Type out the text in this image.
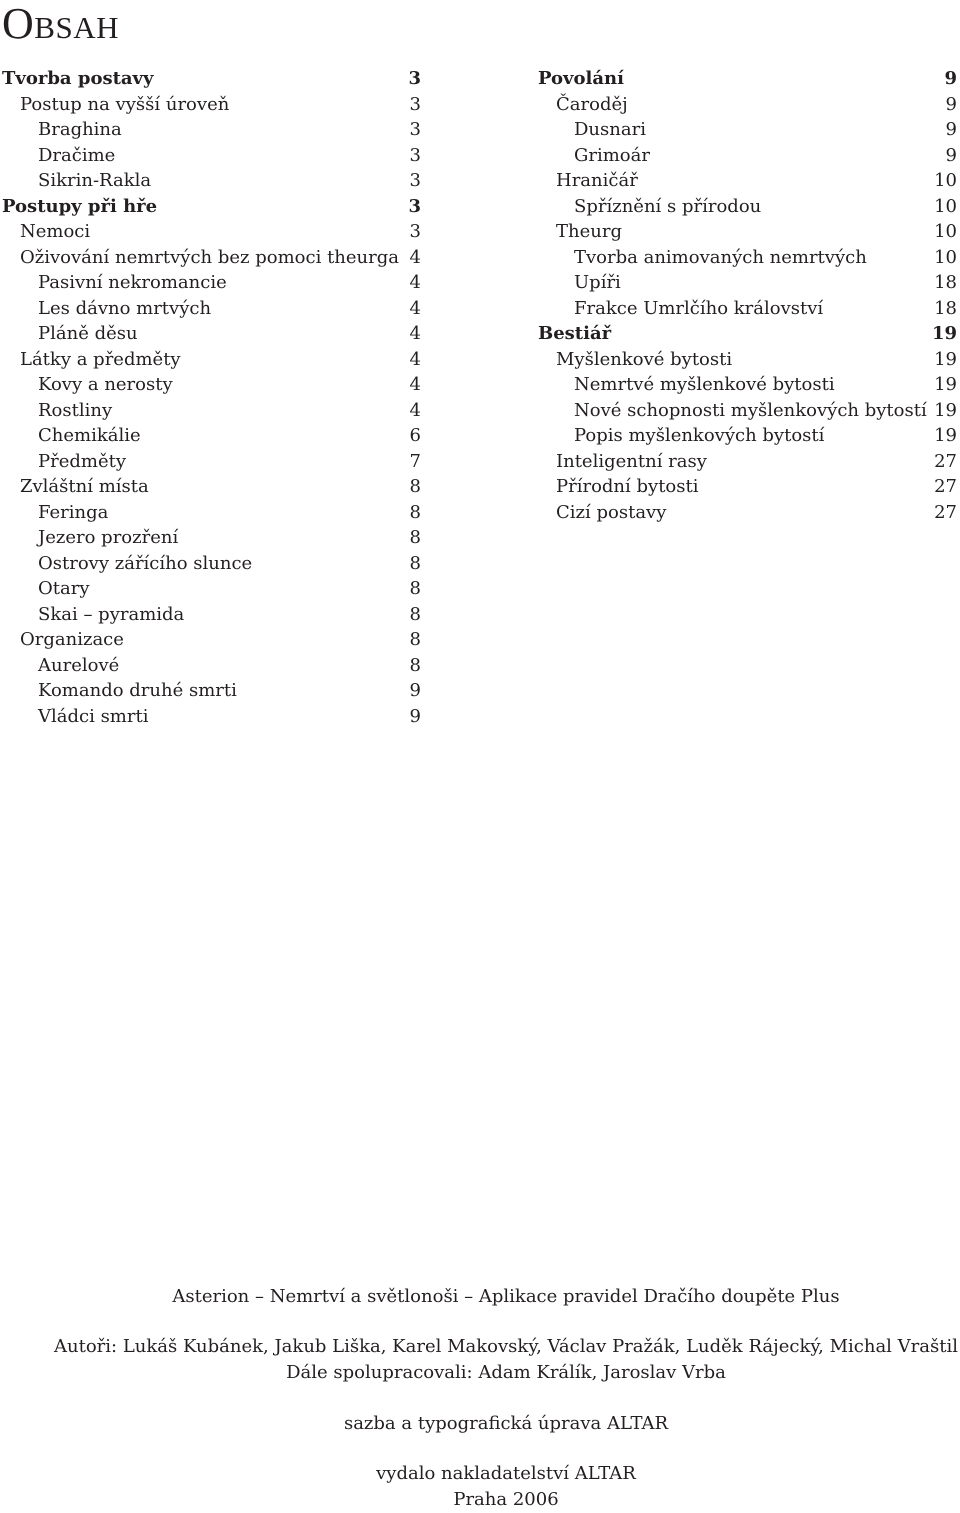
Obsah
Tvorba postavy	3
Postup na vyšší úroveň	3
Braghina	3
Dračime	3
Sikrin-Rakla	3
Postupy při hře	3
Nemoci	3
Oživování nemrtvých bez pomoci theurga 4
Pasivní nekromancie	4
Les dávno mrtvých	4
Pláně děsu	4
Látky a předměty	4
Kovy a nerosty	4
Rostliny	4
Chemikálie	6
Předměty	7
Zvláštní místa	8
Feringa	8
Jezero prozření	8
Ostrovy zářícího slunce	8
Otary	8
Skai – pyramida	8
Organizace	8
Aurelové	8
Komando druhé smrti	9
Vládci smrti	9
Povolání	9
Čaroděj	9
Dusnari	9
Grimoár	9
Hraničář	10
Spříznění s přírodou	10
Theurg	10
Tvorba animovaných nemrtvých	10
Upíři	18
Frakce Umrlčího království	18
Bestiář	19
Myšlenkové bytosti	19
Nemrtvé myšlenkové bytosti	19
Nové schopnosti myšlenkových bytostí 19
Popis myšlenkových bytostí	19
Inteligentní rasy	27
Přírodní bytosti	27
Cizí postavy	27
Asterion – Nemrtví a světlonoši – Aplikace pravidel Dračího doupěte Plus
Autoři: Lukáš Kubánek, Jakub Liška, Karel Makovský, Václav Pražák, Luděk Rájecký, Michal Vraštil
Dále spolupracovali: Adam Králík, Jaroslav Vrba
sazba a typografická úprava ALTAR
vydalo nakladatelství ALTAR
Praha 2006
